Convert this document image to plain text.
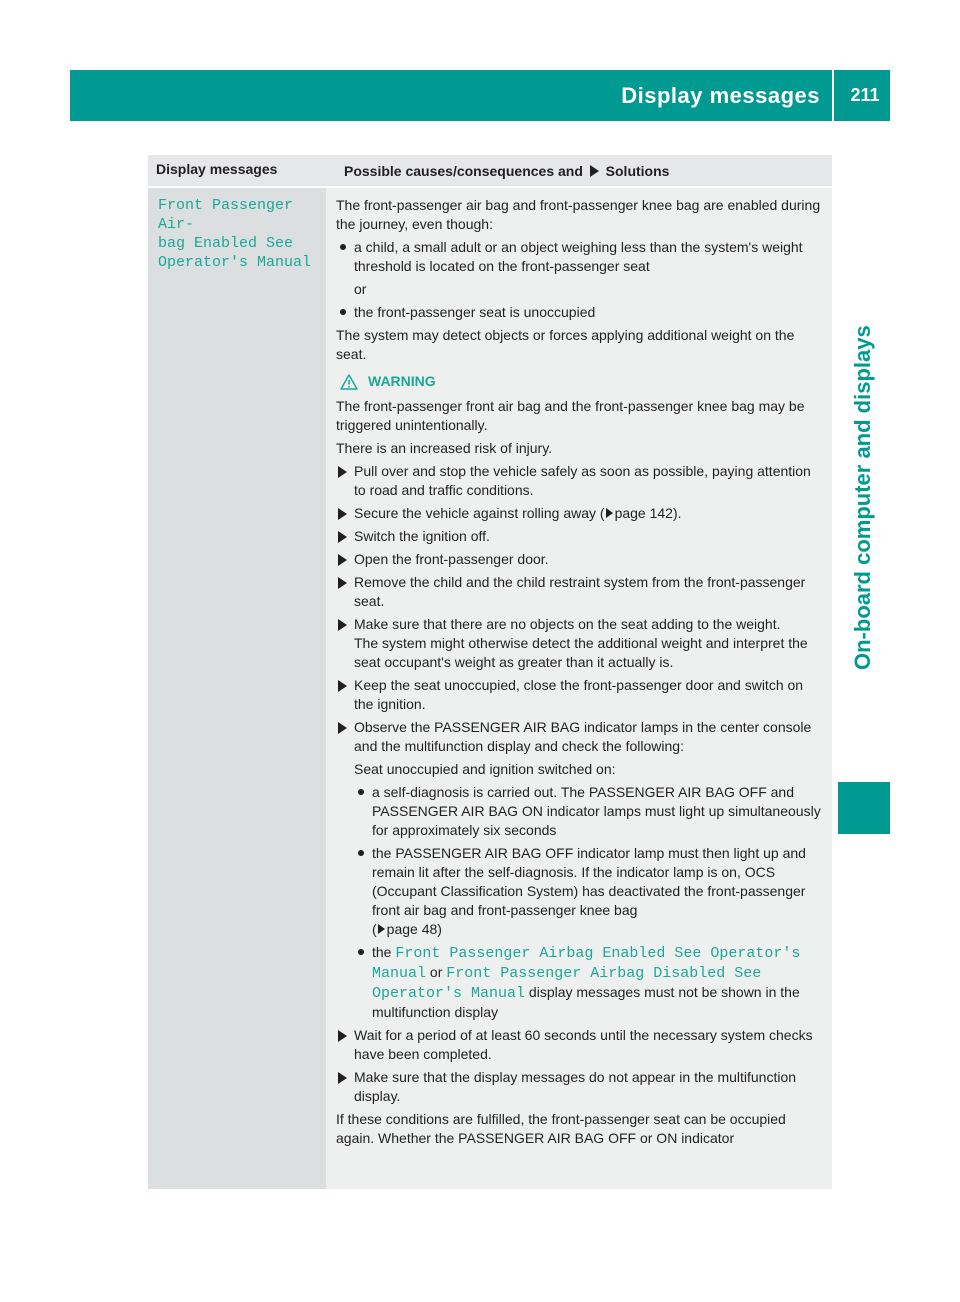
Display messages	211
On-board computer and displays
Display messages	Possible causes/consequences and Solutions
Front Passenger Air‐
bag Enabled See
Operator's Manual

The front-passenger air bag and front-passenger knee bag are enabled during the journey, even though:

a child, a small adult or an object weighing less than the system's weight threshold is located on the front-passenger seat

or

the front-passenger seat is unoccupied

The system may detect objects or forces applying additional weight on the seat.

WARNING

The front-passenger front air bag and the front-passenger knee bag may be triggered unintentionally.

There is an increased risk of injury.

Pull over and stop the vehicle safely as soon as possible, paying attention to road and traffic conditions.
Secure the vehicle against rolling away ( page 142).
Switch the ignition off.
Open the front-passenger door.
Remove the child and the child restraint system from the front-passenger seat.
Make sure that there are no objects on the seat adding to the weight.
The system might otherwise detect the additional weight and interpret the seat occupant's weight as greater than it actually is.
Keep the seat unoccupied, close the front-passenger door and switch on the ignition.
Observe the PASSENGER AIR BAG indicator lamps in the center console and the multifunction display and check the following:

Seat unoccupied and ignition switched on:

a self-diagnosis is carried out. The PASSENGER AIR BAG OFF and PASSENGER AIR BAG ON indicator lamps must light up simultaneously for approximately six seconds
the PASSENGER AIR BAG OFF indicator lamp must then light up and remain lit after the self-diagnosis. If the indicator lamp is on, OCS (Occupant Classification System) has deactivated the front-passenger front air bag and front-passenger knee bag
( page 48)
the Front Passenger Airbag Enabled See Operator's Manual or Front Passenger Airbag Disabled See Operator's Manual display messages must not be shown in the multifunction display
Wait for a period of at least 60 seconds until the necessary system checks have been completed.
Make sure that the display messages do not appear in the multifunction display.

If these conditions are fulfilled, the front-passenger seat can be occupied again. Whether the PASSENGER AIR BAG OFF or ON indicator
